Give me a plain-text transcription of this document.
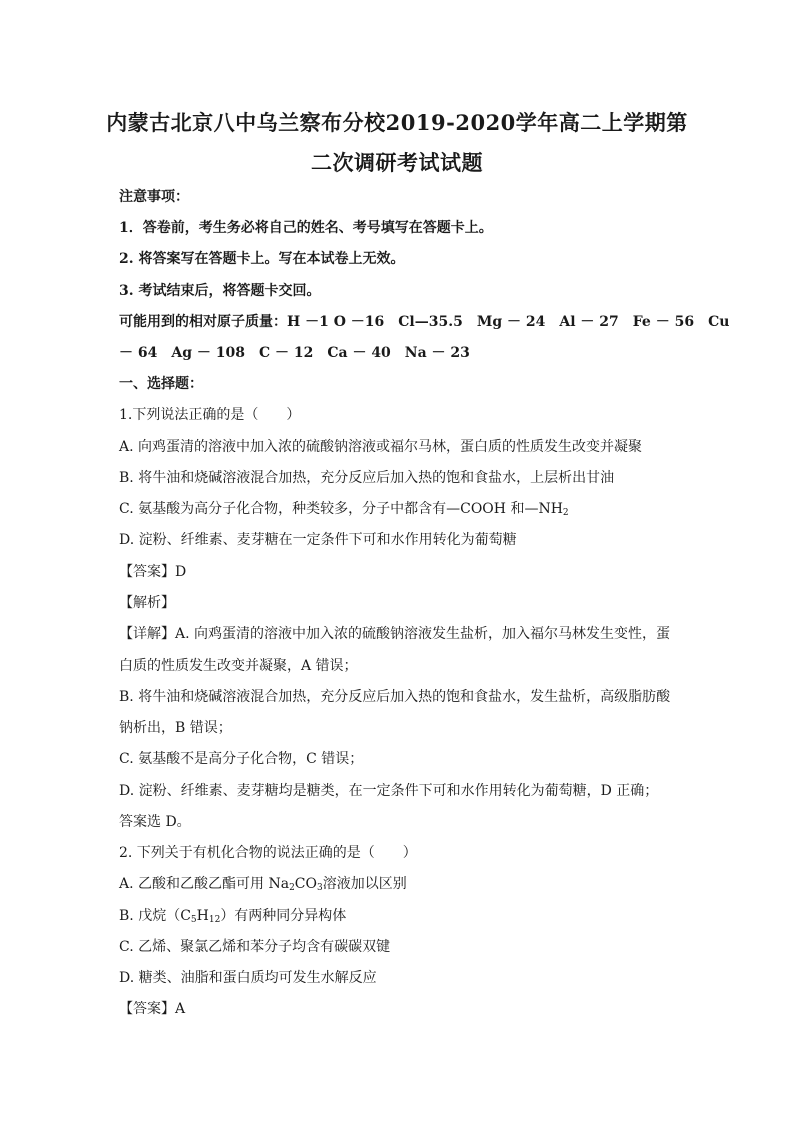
内蒙古北京八中乌兰察布分校2019-2020学年高二上学期第
二次调研考试试题
注意事项：
1．答卷前，考生务必将自己的姓名、考号填写在答题卡上。
2. 将答案写在答题卡上。写在本试卷上无效。
3. 考试结束后，将答题卡交回。
可能用到的相对原子质量：H －1 O －16　Cl—35.5　Mg － 24　Al － 27　Fe － 56　Cu
－ 64　Ag － 108　C － 12　Ca － 40　Na － 23
一、选择题：
1.下列说法正确的是（　　）
A. 向鸡蛋清的溶液中加入浓的硫酸钠溶液或福尔马林，蛋白质的性质发生改变并凝聚
B. 将牛油和烧碱溶液混合加热，充分反应后加入热的饱和食盐水，上层析出甘油
C. 氨基酸为高分子化合物，种类较多，分子中都含有—COOH 和$—NH_2$
D. 淀粉、纤维素、麦芽糖在一定条件下可和水作用转化为葡萄糖
【答案】D
【解析】
【详解】A. 向鸡蛋清的溶液中加入浓的硫酸钠溶液发生盐析，加入福尔马林发生变性，蛋
白质的性质发生改变并凝聚，A 错误；
B. 将牛油和烧碱溶液混合加热，充分反应后加入热的饱和食盐水，发生盐析，高级脂肪酸
钠析出，B 错误；
C. 氨基酸不是高分子化合物，C 错误；
D. 淀粉、纤维素、麦芽糖均是糖类，在一定条件下可和水作用转化为葡萄糖，D 正确；
答案选 D。
2. 下列关于有机化合物的说法正确的是（　　）
A. 乙酸和乙酸乙酯可用 $Na_2CO_3$溶液加以区别
B. 戊烷$(C_5H_{12})$有两种同分异构体
C. 乙烯、聚氯乙烯和苯分子均含有碳碳双键
D. 糖类、油脂和蛋白质均可发生水解反应
【答案】A
